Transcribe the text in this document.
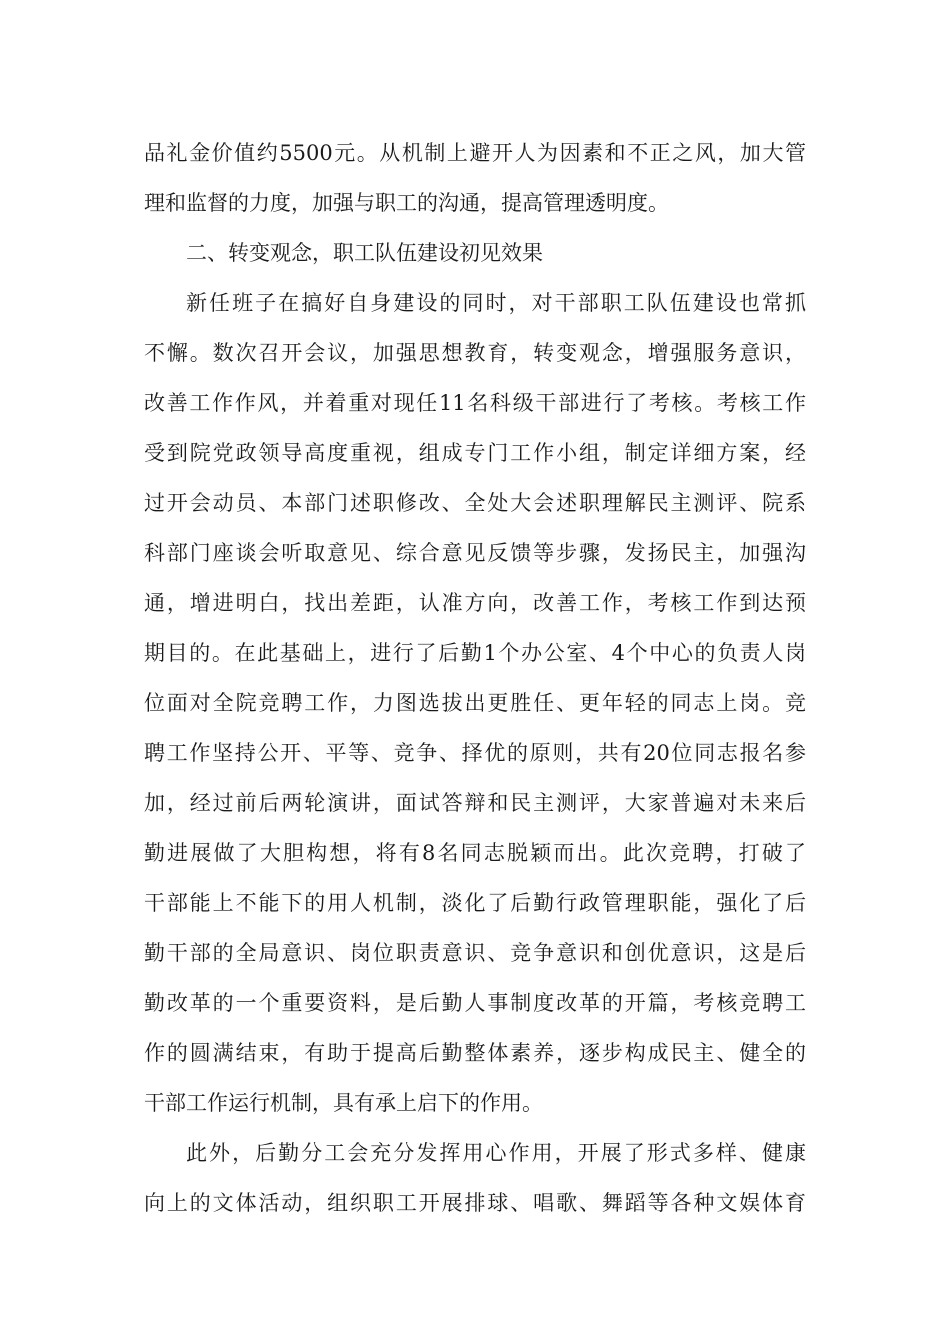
品礼金价值约5500元。从机制上避开人为因素和不正之风，加大管
理和监督的力度，加强与职工的沟通，提高管理透明度。
二、转变观念，职工队伍建设初见效果
新任班子在搞好自身建设的同时，对干部职工队伍建设也常抓
不懈。数次召开会议，加强思想教育，转变观念，增强服务意识，
改善工作作风，并着重对现任11名科级干部进行了考核。考核工作
受到院党政领导高度重视，组成专门工作小组，制定详细方案，经
过开会动员、本部门述职修改、全处大会述职理解民主测评、院系
科部门座谈会听取意见、综合意见反馈等步骤，发扬民主，加强沟
通，增进明白，找出差距，认准方向，改善工作，考核工作到达预
期目的。在此基础上，进行了后勤1个办公室、4个中心的负责人岗
位面对全院竞聘工作，力图选拔出更胜任、更年轻的同志上岗。竞
聘工作坚持公开、平等、竞争、择优的原则，共有20位同志报名参
加，经过前后两轮演讲，面试答辩和民主测评，大家普遍对未来后
勤进展做了大胆构想，将有8名同志脱颖而出。此次竞聘，打破了
干部能上不能下的用人机制，淡化了后勤行政管理职能，强化了后
勤干部的全局意识、岗位职责意识、竞争意识和创优意识，这是后
勤改革的一个重要资料，是后勤人事制度改革的开篇，考核竞聘工
作的圆满结束，有助于提高后勤整体素养，逐步构成民主、健全的
干部工作运行机制，具有承上启下的作用。
此外，后勤分工会充分发挥用心作用，开展了形式多样、健康
向上的文体活动，组织职工开展排球、唱歌、舞蹈等各种文娱体育
